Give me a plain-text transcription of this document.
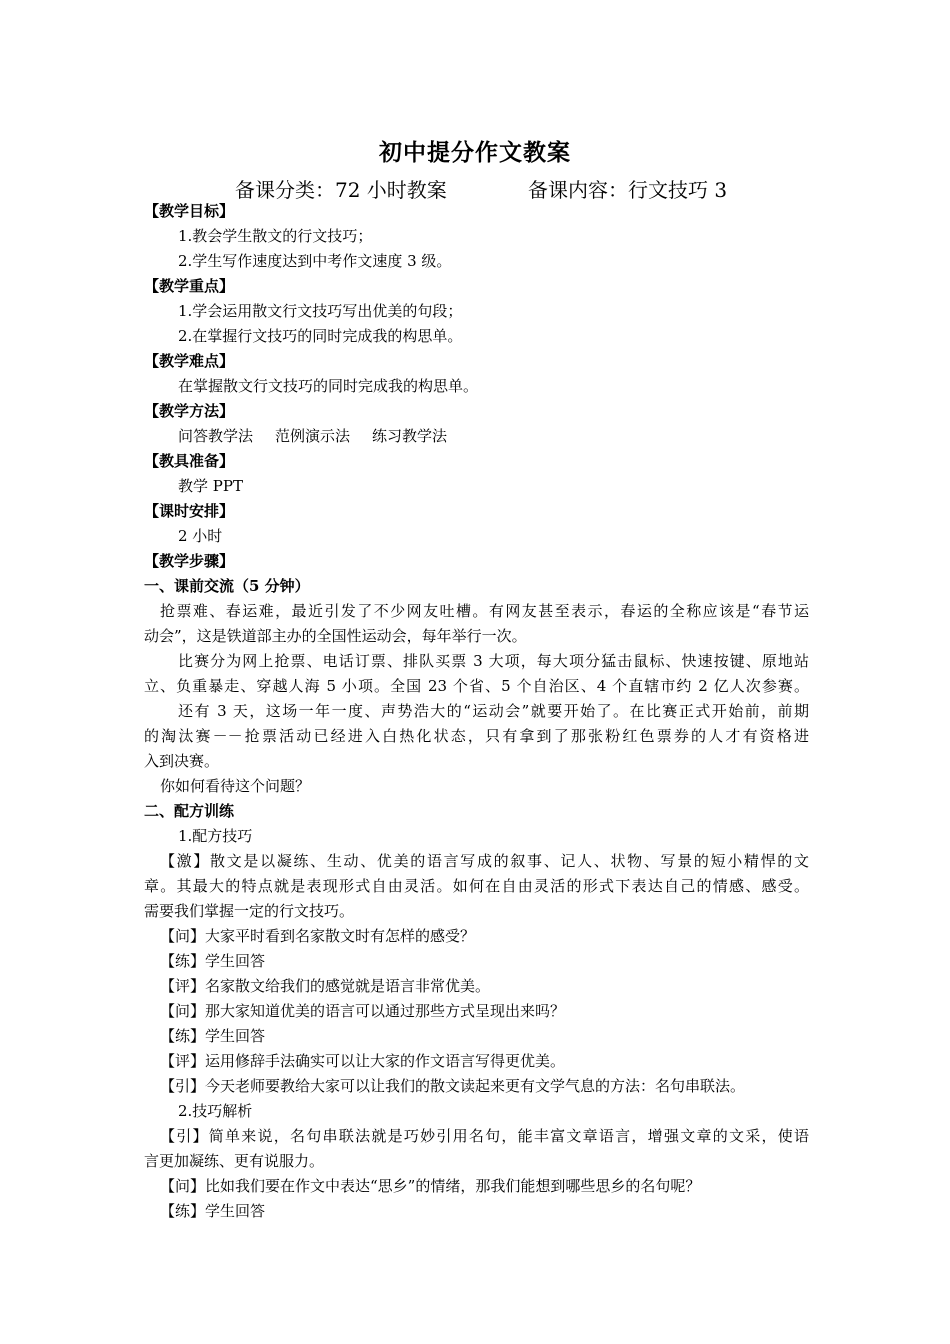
初中提分作文教案
备课分类：72 小时教案	备课内容：行文技巧 3
【教学目标】
1.教会学生散文的行文技巧；
2.学生写作速度达到中考作文速度 3 级。
【教学重点】
1.学会运用散文行文技巧写出优美的句段；
2.在掌握行文技巧的同时完成我的构思单。
【教学难点】
在掌握散文行文技巧的同时完成我的构思单。
【教学方法】
问答教学法 范例演示法 练习教学法
【教具准备】
教学 PPT
【课时安排】
2 小时
【教学步骤】
一、课前交流（5 分钟）
抢票难、春运难，最近引发了不少网友吐槽。有网友甚至表示，春运的全称应该是“春节运
动会”，这是铁道部主办的全国性运动会，每年举行一次。
比赛分为网上抢票、电话订票、排队买票 3 大项，每大项分猛击鼠标、快速按键、原地站
立、负重暴走、穿越人海 5 小项。全国 23 个省、5 个自治区、4 个直辖市约 2 亿人次参赛。
还有 3 天，这场一年一度、声势浩大的“运动会”就要开始了。在比赛正式开始前，前期
的淘汰赛－－抢票活动已经进入白热化状态，只有拿到了那张粉红色票券的人才有资格进
入到决赛。
你如何看待这个问题？
二、配方训练
1.配方技巧
【激】散文是以凝练、生动、优美的语言写成的叙事、记人、状物、写景的短小精悍的文
章。其最大的特点就是表现形式自由灵活。如何在自由灵活的形式下表达自己的情感、感受。
需要我们掌握一定的行文技巧。
【问】大家平时看到名家散文时有怎样的感受？
【练】学生回答
【评】名家散文给我们的感觉就是语言非常优美。
【问】那大家知道优美的语言可以通过那些方式呈现出来吗？
【练】学生回答
【评】运用修辞手法确实可以让大家的作文语言写得更优美。
【引】今天老师要教给大家可以让我们的散文读起来更有文学气息的方法：名句串联法。
2.技巧解析
【引】简单来说，名句串联法就是巧妙引用名句，能丰富文章语言，增强文章的文采，使语
言更加凝练、更有说服力。
【问】比如我们要在作文中表达“思乡”的情绪，那我们能想到哪些思乡的名句呢？
【练】学生回答
